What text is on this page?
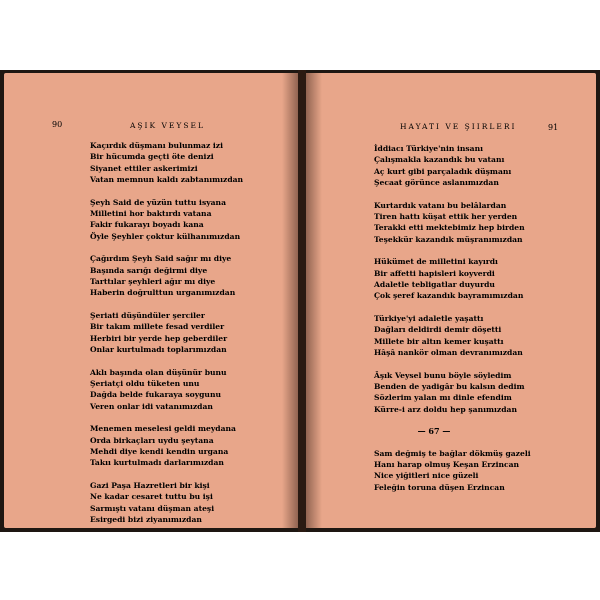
90	AŞIK VEYSEL	HAYATI VE ŞIIRLERI	91
Kaçırdık düşmanı bulunmaz izi
Bir hücumda geçti öte denizi
Siyanet ettiler askerimizi
Vatan memnun kaldı zabtanımızdan
Şeyh Said de yüzün tuttu isyana
Milletini hor baktırdı vatana
Fakir fukarayı boyadı kana
Öyle Şeyhler çoktur külhanımızdan
Çağırdım Şeyh Said sağır mı diye
Başında sarığı değirmi diye
Tarttılar şeyhleri ağır mı diye
Haberin doğrulttun urganımızdan
Şeriati düşündüler şerciler
Bir takım millete fesad verdiler
Herbiri bir yerde hep geberdiler
Onlar kurtulmadı toplarımızdan
Aklı başında olan düşünür bunu
Şeriatçi oldu tüketen unu
Dağda belde fukaraya soygunu
Veren onlar idi vatanımızdan
Menemen meselesi geldi meydana
Orda birkaçları uydu şeytana
Mehdi diye kendi kendin urgana
Takıı kurtulmadı darlarımızdan
Gazi Paşa Hazretleri bir kişi
Ne kadar cesaret tuttu bu işi
Sarmıştı vatanı düşman ateşi
Esirgedi bizi ziyanımızdan
İddiacı Türkiye'nin insanı
Çalışmakla kazandık bu vatanı
Aç kurt gibi parçaladık düşmanı
Şecaat görünce aslanımızdan
Kurtardık vatanı bu belâlardan
Tiren hattı küşat ettik her yerden
Terakki etti mektebimiz hep birden
Teşekkür kazandık müşranımızdan
Hükümet de milletini kayırdı
Bir affetti hapisleri koyverdi
Adaletle tebligatlar duyurdu
Çok şeref kazandık bayramımızdan
Türkiye'yi adaletle yaşattı
Dağları deldirdi demir döşetti
Millete bir altın kemer kuşattı
Hâşâ nankör olman devranımızdan
Âşık Veysel bunu böyle söyledim
Benden de yadigâr bu kalsın dedim
Sözlerim yalan mı dinle efendim
Kürre-i arz doldu hep şanımızdan
— 67 —
Sam değmiş te bağlar dökmüş gazeli
Hanı harap olmuş Keşan Erzincan
Nice yiğitleri nice güzeli
Feleğin toruna düşen Erzincan
